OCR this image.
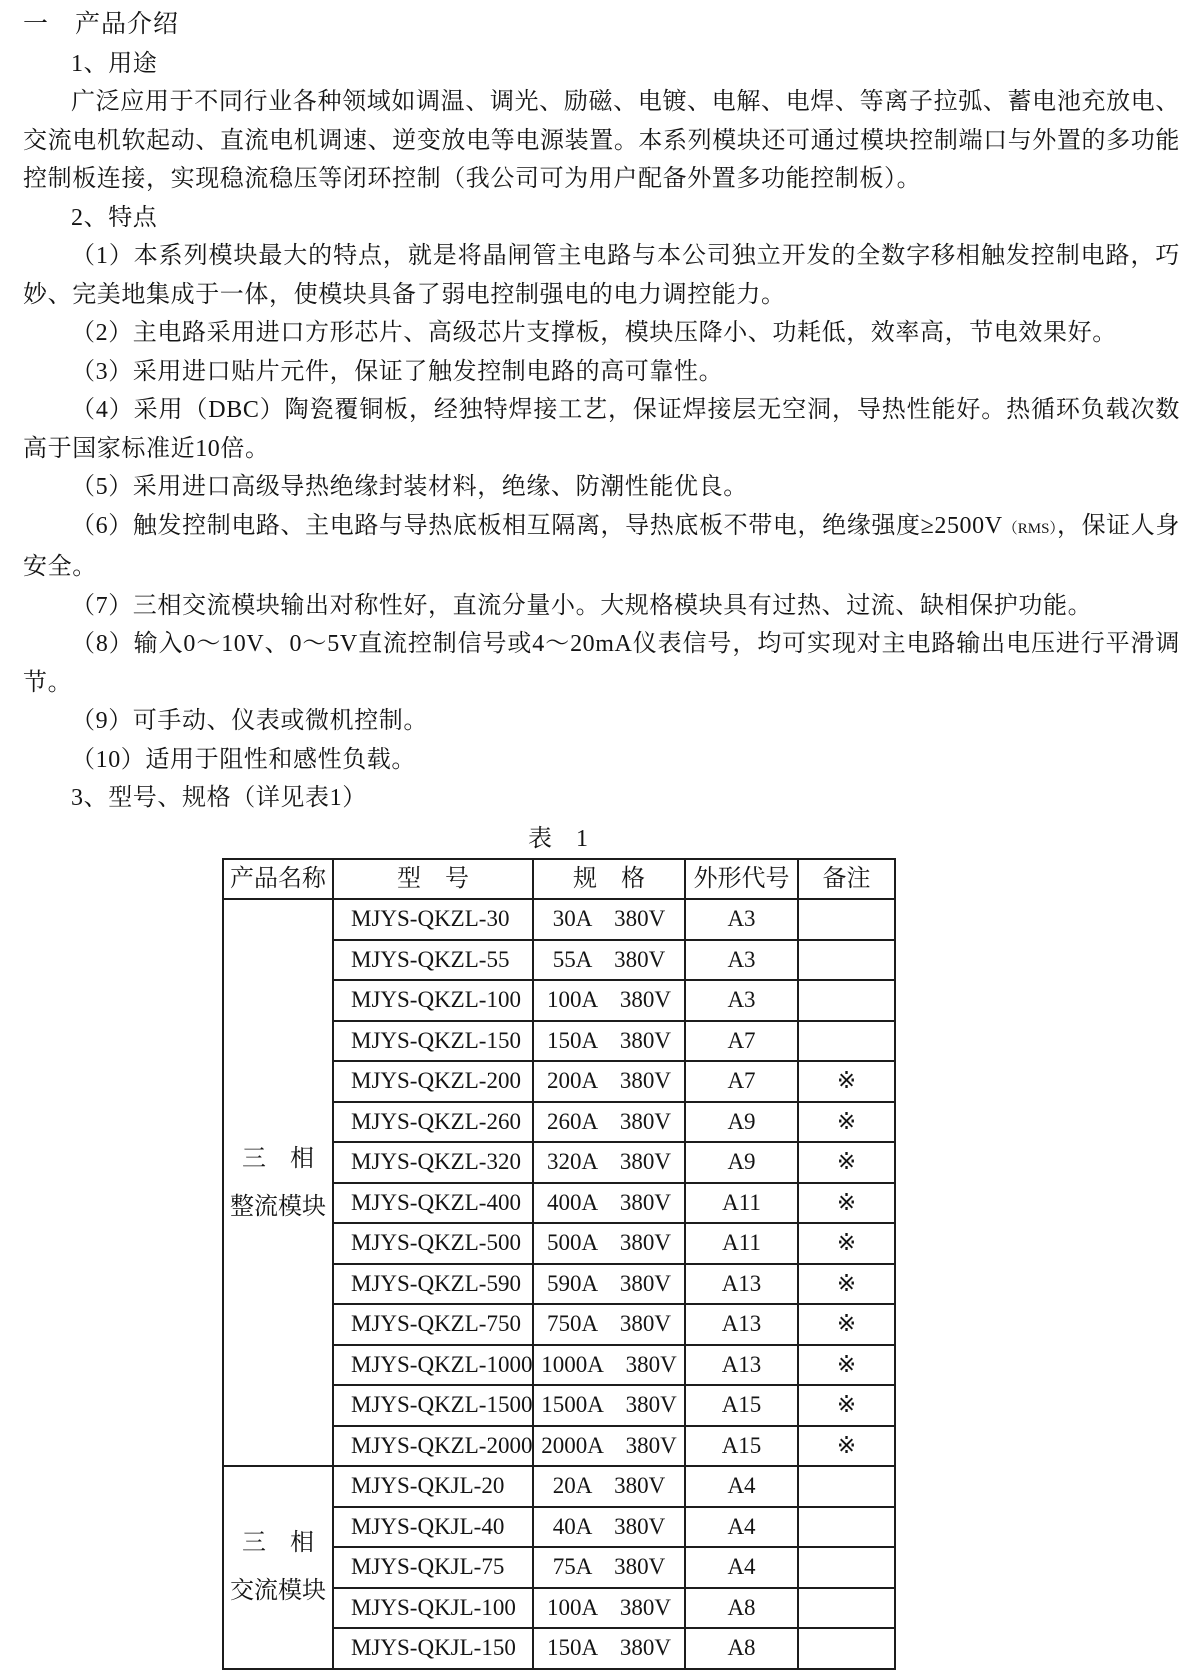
一　产品介绍

1、用途

广泛应用于不同行业各种领域如调温、调光、励磁、电镀、电解、电焊、等离子拉弧、蓄电池充放电、交流电机软起动、直流电机调速、逆变放电等电源装置。本系列模块还可通过模块控制端口与外置的多功能控制板连接，实现稳流稳压等闭环控制（我公司可为用户配备外置多功能控制板）。

2、特点

（1）本系列模块最大的特点，就是将晶闸管主电路与本公司独立开发的全数字移相触发控制电路，巧妙、完美地集成于一体，使模块具备了弱电控制强电的电力调控能力。

（2）主电路采用进口方形芯片、高级芯片支撑板，模块压降小、功耗低，效率高，节电效果好。

（3）采用进口贴片元件，保证了触发控制电路的高可靠性。

（4）采用（DBC）陶瓷覆铜板，经独特焊接工艺，保证焊接层无空洞，导热性能好。热循环负载次数高于国家标准近10倍。

（5）采用进口高级导热绝缘封装材料，绝缘、防潮性能优良。

（6）触发控制电路、主电路与导热底板相互隔离，导热底板不带电，绝缘强度≥2500V（RMS），保证人身安全。

（7）三相交流模块输出对称性好，直流分量小。大规格模块具有过热、过流、缺相保护功能。

（8）输入0～10V、0～5V直流控制信号或4～20mA仪表信号，均可实现对主电路输出电压进行平滑调节。

（9）可手动、仪表或微机控制。

（10）适用于阻性和感性负载。

3、型号、规格（详见表1）

表　1
产品名称	型　号	规　格	外形代号	备注

三　相
整流模块	MJYS-QKZL-30	30A　380V	A3	
	MJYS-QKZL-55	55A　380V	A3	
	MJYS-QKZL-100	100A　380V	A3	
	MJYS-QKZL-150	150A　380V	A7	
	MJYS-QKZL-200	200A　380V	A7	※
	MJYS-QKZL-260	260A　380V	A9	※
	MJYS-QKZL-320	320A　380V	A9	※
	MJYS-QKZL-400	400A　380V	A11	※
	MJYS-QKZL-500	500A　380V	A11	※
	MJYS-QKZL-590	590A　380V	A13	※
	MJYS-QKZL-750	750A　380V	A13	※
	MJYS-QKZL-1000	1000A　380V	A13	※
	MJYS-QKZL-1500	1500A　380V	A15	※
	MJYS-QKZL-2000	2000A　380V	A15	※

三　相
交流模块	MJYS-QKJL-20	20A　380V	A4	
	MJYS-QKJL-40	40A　380V	A4	
	MJYS-QKJL-75	75A　380V	A4	
	MJYS-QKJL-100	100A　380V	A8	
	MJYS-QKJL-150	150A　380V	A8	
